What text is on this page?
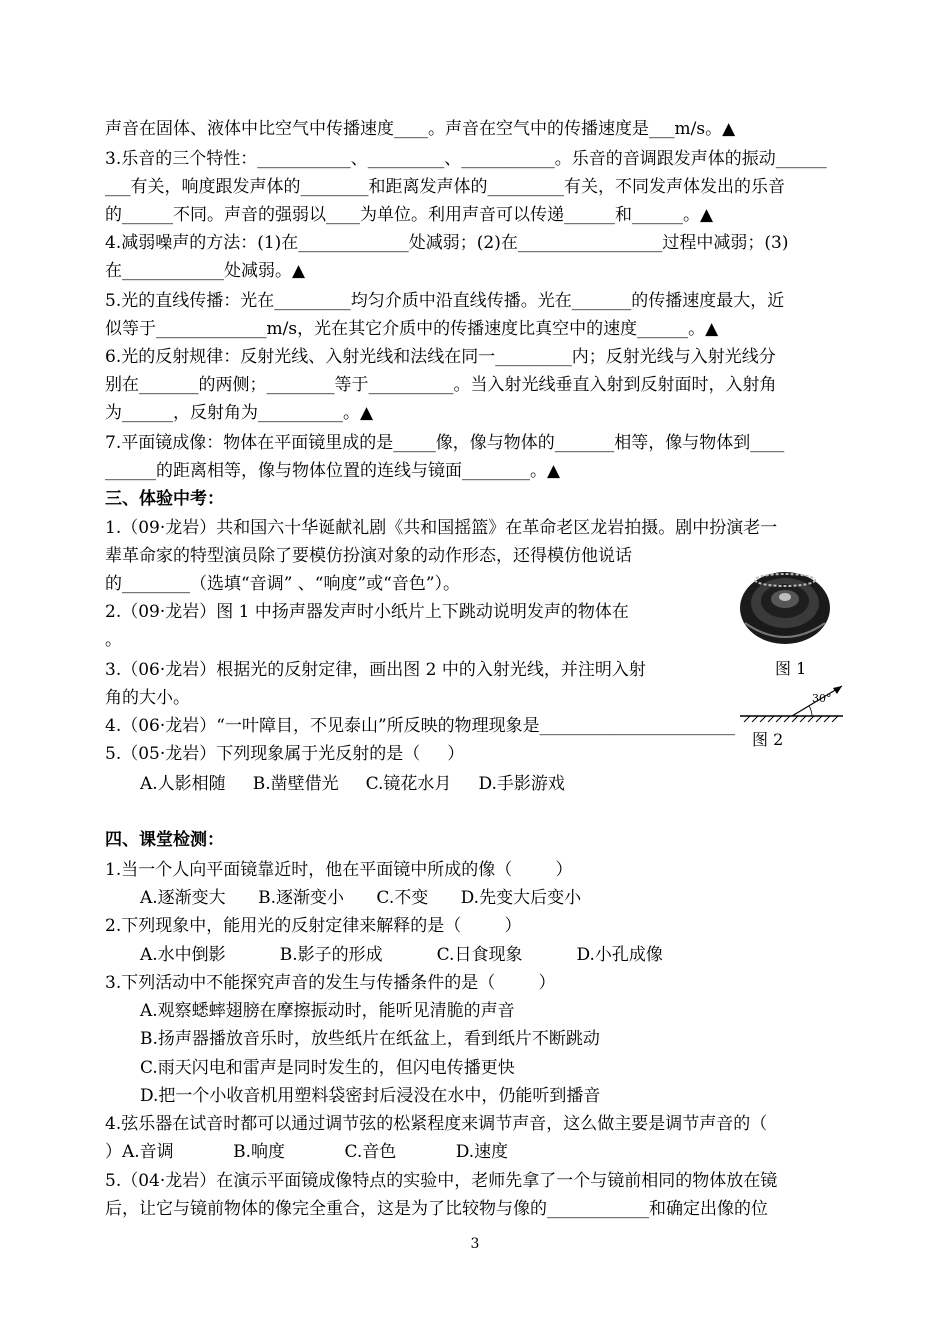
声音在固体、液体中比空气中传播速度____。声音在空气中的传播速度是___m/s。▲
3.乐音的三个特性：___________、_________、___________。乐音的音调跟发声体的振动______
___有关，响度跟发声体的________和距离发声体的_________有关，不同发声体发出的乐音
的______不同。声音的强弱以____为单位。利用声音可以传递______和______。▲
4.减弱噪声的方法：(1)在_____________处减弱；(2)在_________________过程中减弱；(3)
在____________处减弱。▲
5.光的直线传播：光在_________均匀介质中沿直线传播。光在_______的传播速度最大，近
似等于_____________m/s，光在其它介质中的传播速度比真空中的速度______。▲
6.光的反射规律：反射光线、入射光线和法线在同一_________内；反射光线与入射光线分
别在_______的两侧；________等于__________。当入射光线垂直入射到反射面时，入射角
为______，反射角为__________。▲
7.平面镜成像：物体在平面镜里成的是_____像，像与物体的_______相等，像与物体到____
______的距离相等，像与物体位置的连线与镜面________。▲
三、体验中考：
1.（09·龙岩）共和国六十华诞献礼剧《共和国摇篮》在革命老区龙岩拍摄。剧中扮演老一
辈革命家的特型演员除了要模仿扮演对象的动作形态，还得模仿他说话
的________（选填“音调” 、“响度”或“音色”）。
2.（09·龙岩）图 1 中扬声器发声时小纸片上下跳动说明发声的物体在
。
3.（06·龙岩）根据光的反射定律，画出图 2 中的入射光线，并注明入射
角的大小。
4.（06·龙岩）“一叶障目，不见泰山”所反映的物理现象是_______________________
5.（05·龙岩）下列现象属于光反射的是（     ）
A.人影相随     B.凿壁借光     C.镜花水月     D.手影游戏
四、课堂检测：
1.当一个人向平面镜靠近时，他在平面镜中所成的像（        ）
A.逐渐变大      B.逐渐变小      C.不变      D.先变大后变小
2.下列现象中，能用光的反射定律来解释的是（        ）
A.水中倒影          B.影子的形成          C.日食现象          D.小孔成像
3.下列活动中不能探究声音的发生与传播条件的是（        ）
A.观察蟋蟀翅膀在摩擦振动时，能听见清脆的声音
B.扬声器播放音乐时，放些纸片在纸盆上，看到纸片不断跳动
C.雨天闪电和雷声是同时发生的，但闪电传播更快
D.把一个小收音机用塑料袋密封后浸没在水中，仍能听到播音
4.弦乐器在试音时都可以通过调节弦的松紧程度来调节声音，这么做主要是调节声音的（
）A.音调           B.响度           C.音色           D.速度
5.（04·龙岩）在演示平面镜成像特点的实验中，老师先拿了一个与镜前相同的物体放在镜
后，让它与镜前物体的像完全重合，这是为了比较物与像的____________和确定出像的位
图 1
30°
图 2
3
